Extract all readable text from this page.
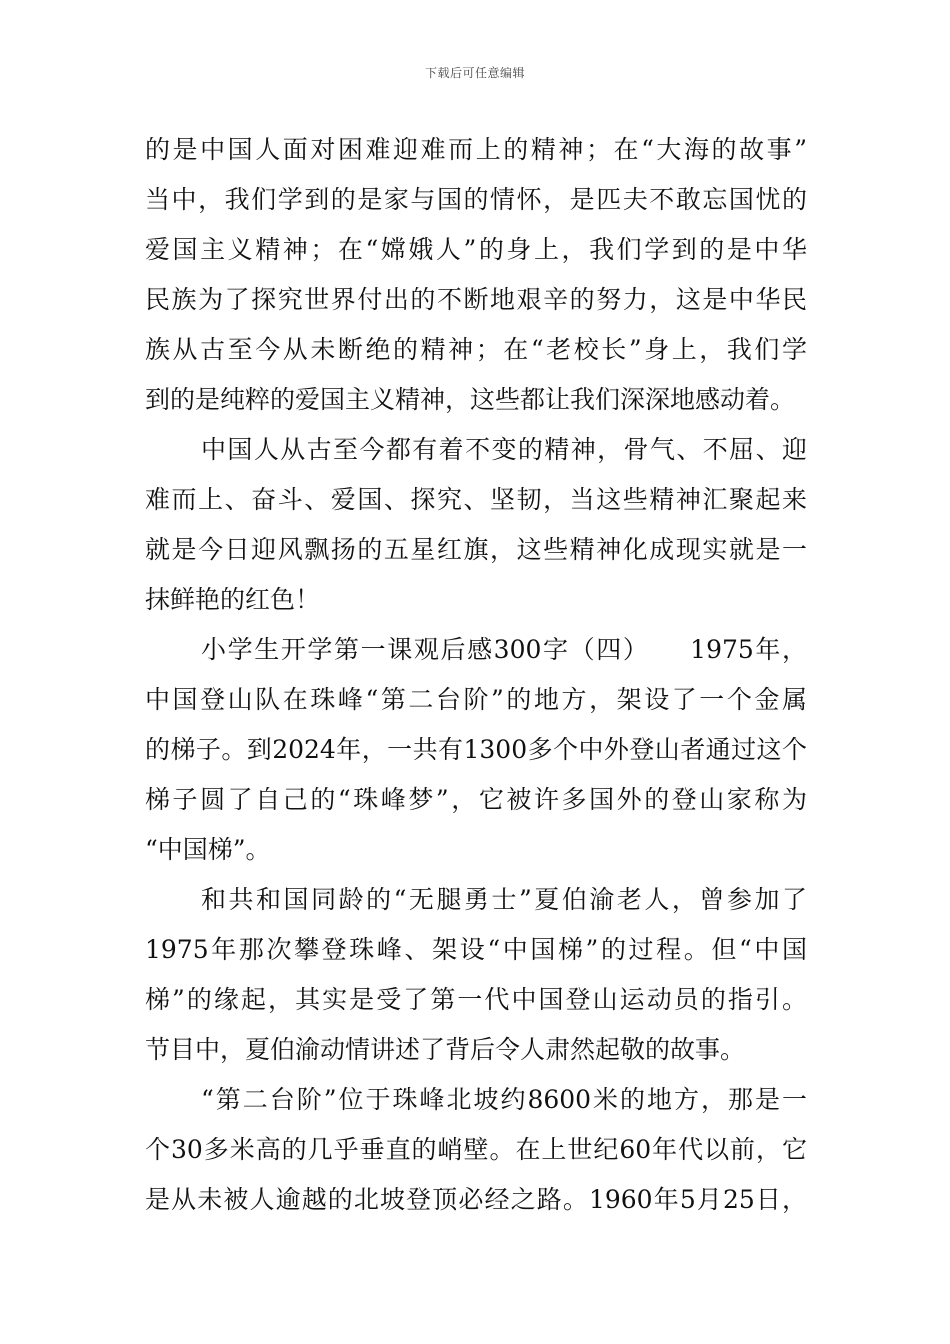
下载后可任意编辑
的是中国人面对困难迎难而上的精神；在“大海的故事”
当中，我们学到的是家与国的情怀，是匹夫不敢忘国忧的
爱国主义精神；在“嫦娥人”的身上，我们学到的是中华
民族为了探究世界付出的不断地艰辛的努力，这是中华民
族从古至今从未断绝的精神；在“老校长”身上，我们学
到的是纯粹的爱国主义精神，这些都让我们深深地感动着。
中国人从古至今都有着不变的精神，骨气、不屈、迎
难而上、奋斗、爱国、探究、坚韧，当这些精神汇聚起来
就是今日迎风飘扬的五星红旗，这些精神化成现实就是一
抹鲜艳的红色！
小学生开学第一课观后感300字（四）　　1975年，
中国登山队在珠峰“第二台阶”的地方，架设了一个金属
的梯子。到2024年，一共有1300多个中外登山者通过这个
梯子圆了自己的“珠峰梦”，它被许多国外的登山家称为
“中国梯”。
和共和国同龄的“无腿勇士”夏伯渝老人，曾参加了
1975年那次攀登珠峰、架设“中国梯”的过程。但“中国
梯”的缘起，其实是受了第一代中国登山运动员的指引。
节目中，夏伯渝动情讲述了背后令人肃然起敬的故事。
“第二台阶”位于珠峰北坡约8600米的地方，那是一
个30多米高的几乎垂直的峭壁。在上世纪60年代以前，它
是从未被人逾越的北坡登顶必经之路。1960年5月25日，
